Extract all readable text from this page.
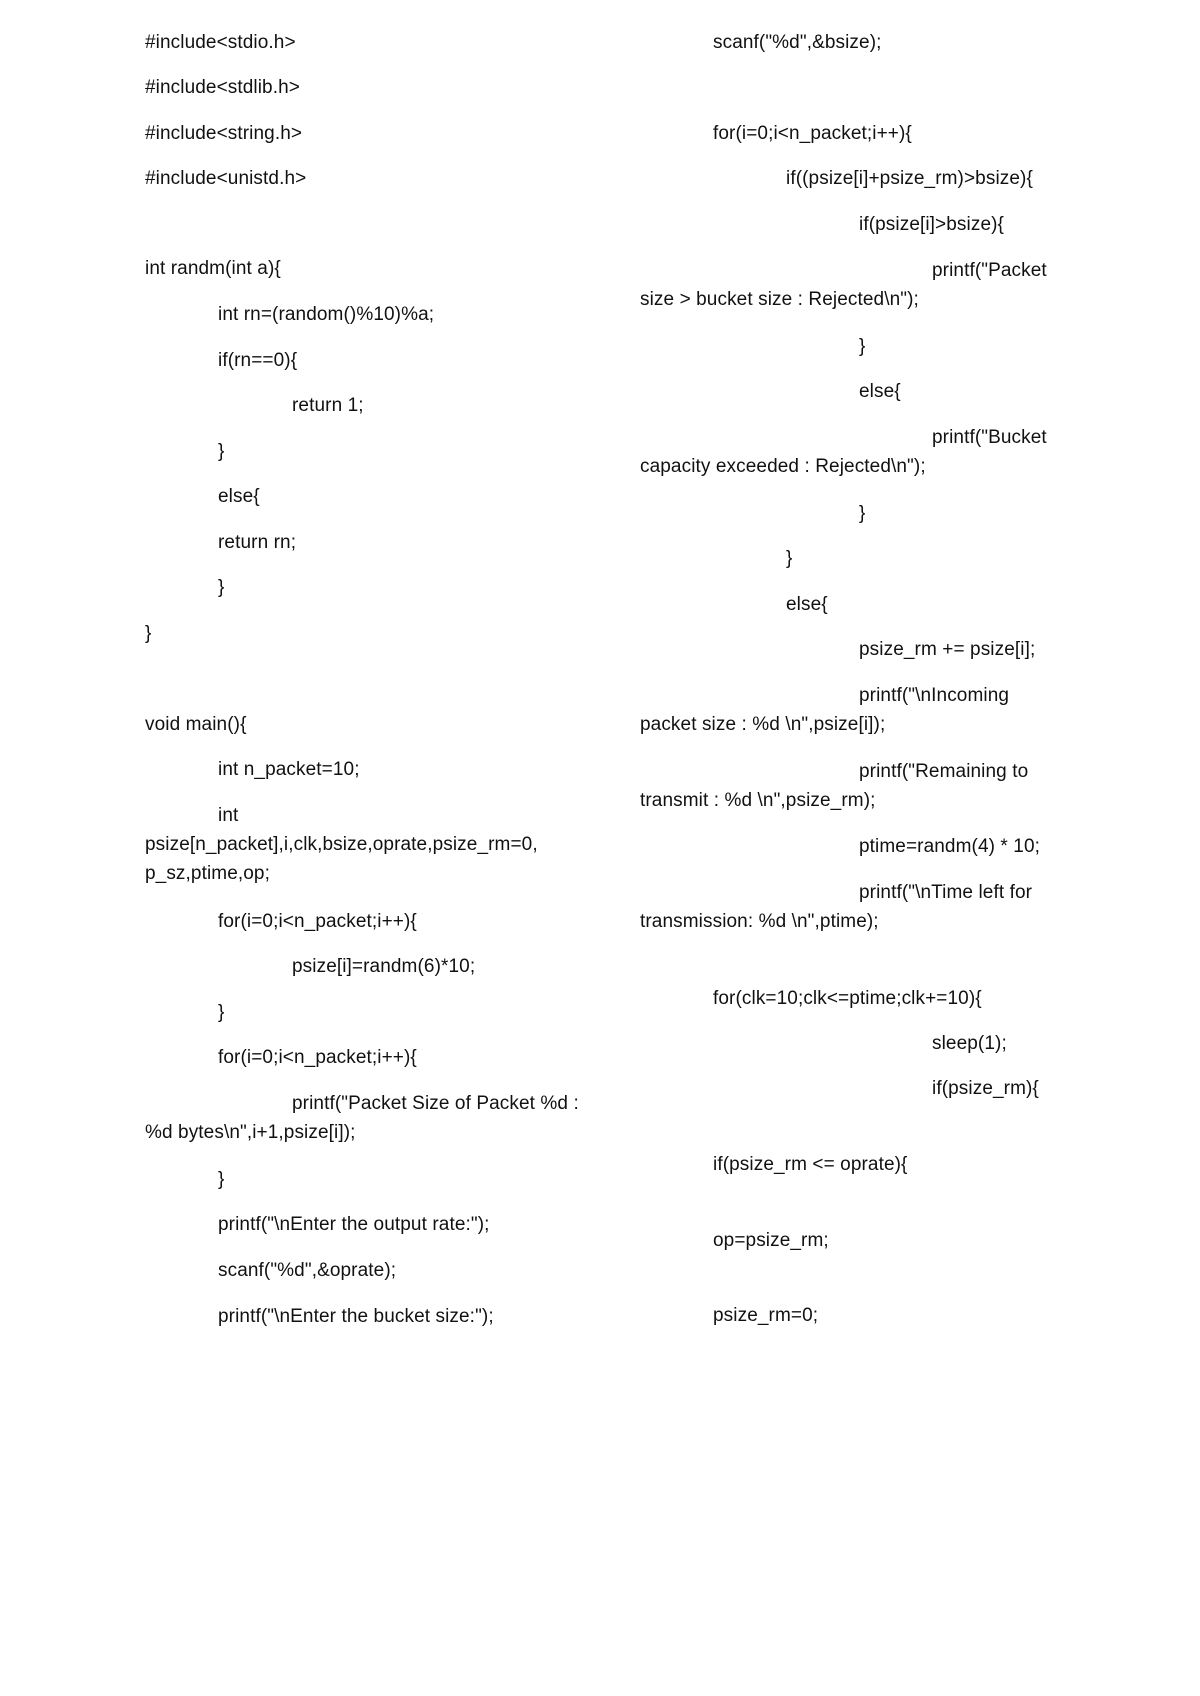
#include<stdio.h>
#include<stdlib.h>
#include<string.h>
#include<unistd.h>
int randm(int a){
int rn=(random()%10)%a;
if(rn==0){
return 1;
}
else{
return rn;
}
}
void main(){
int n_packet=10;
int psize[n_packet],i,clk,bsize,oprate,psize_rm=0, p_sz,ptime,op;
for(i=0;i<n_packet;i++){
psize[i]=randm(6)*10;
}
for(i=0;i<n_packet;i++){
printf("Packet Size of Packet %d : %d bytes\n",i+1,psize[i]);
}
printf("\nEnter the output rate:");
scanf("%d",&oprate);
printf("\nEnter the bucket size:");
scanf("%d",&bsize);
for(i=0;i<n_packet;i++){
if((psize[i]+psize_rm)>bsize){
if(psize[i]>bsize){
printf("Packet size > bucket size : Rejected\n");
}
else{
printf("Bucket capacity exceeded : Rejected\n");
}
}
else{
psize_rm += psize[i];
printf("\nIncoming packet size : %d \n",psize[i]);
printf("Remaining to transmit : %d \n",psize_rm);
ptime=randm(4) * 10;
printf("\nTime left for transmission: %d \n",ptime);
for(clk=10;clk<=ptime;clk+=10){
sleep(1);
if(psize_rm){
if(psize_rm <= oprate){
op=psize_rm;
psize_rm=0;
